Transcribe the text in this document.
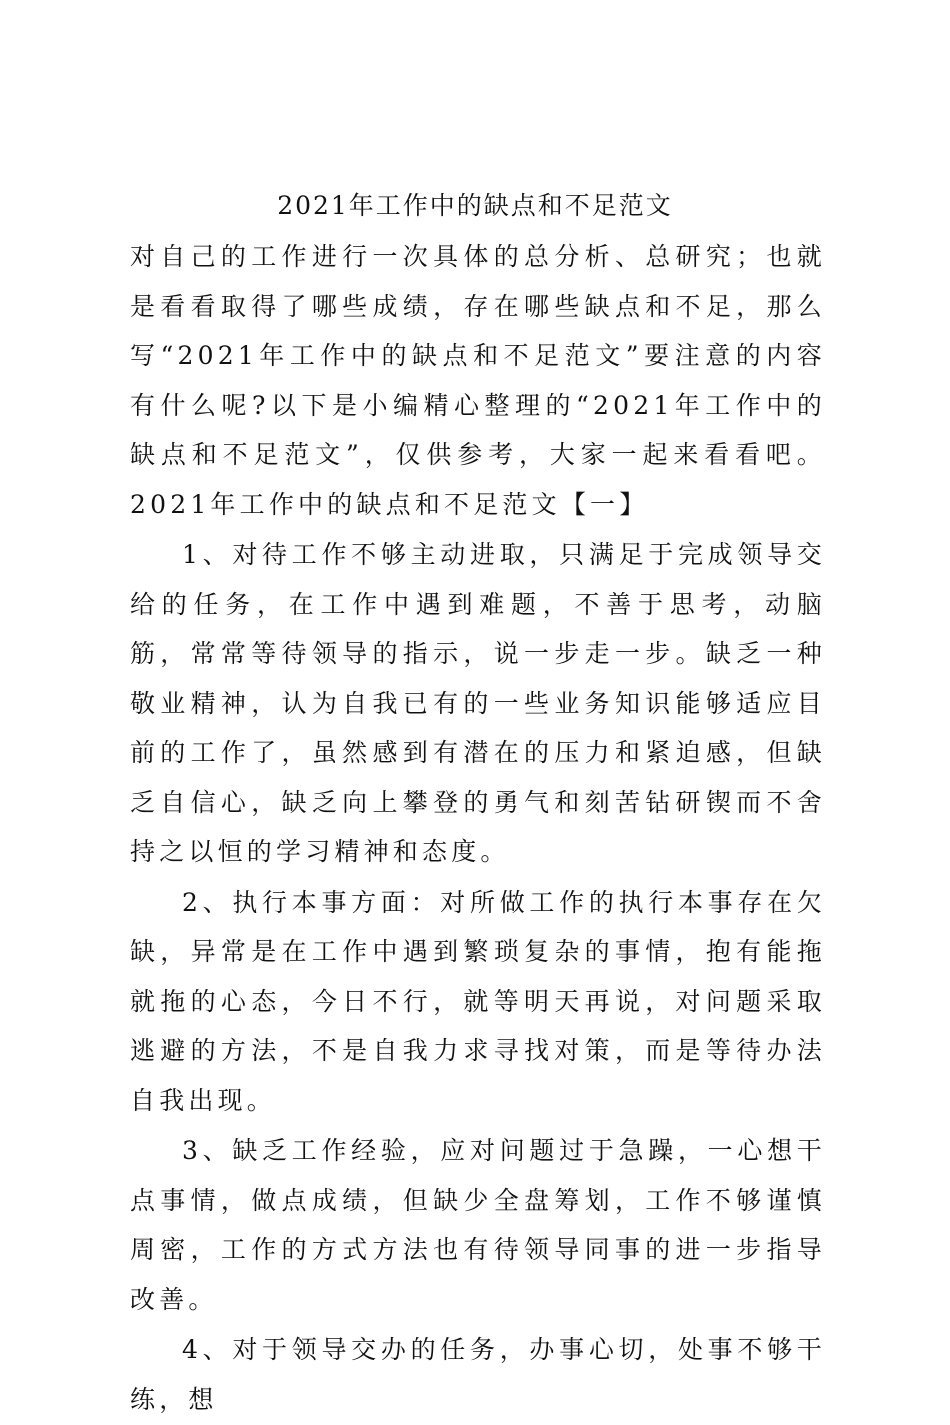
2021年工作中的缺点和不足范文

对自己的工作进行一次具体的总分析、总研究；也就是看看取得了哪些成绩，存在哪些缺点和不足，那么写“2021年工作中的缺点和不足范文”要注意的内容有什么呢?以下是小编精心整理的“2021年工作中的缺点和不足范文”，仅供参考，大家一起来看看吧。2021年工作中的缺点和不足范文【一】

1、对待工作不够主动进取，只满足于完成领导交给的任务，在工作中遇到难题，不善于思考，动脑筋，常常等待领导的指示，说一步走一步。缺乏一种敬业精神，认为自我已有的一些业务知识能够适应目前的工作了，虽然感到有潜在的压力和紧迫感，但缺乏自信心，缺乏向上攀登的勇气和刻苦钻研锲而不舍持之以恒的学习精神和态度。

2、执行本事方面：对所做工作的执行本事存在欠缺，异常是在工作中遇到繁琐复杂的事情，抱有能拖就拖的心态，今日不行，就等明天再说，对问题采取逃避的方法，不是自我力求寻找对策，而是等待办法自我出现。

3、缺乏工作经验，应对问题过于急躁，一心想干点事情，做点成绩，但缺少全盘筹划，工作不够谨慎周密，工作的方式方法也有待领导同事的进一步指导改善。

4、对于领导交办的任务，办事心切，处事不够干练，想
